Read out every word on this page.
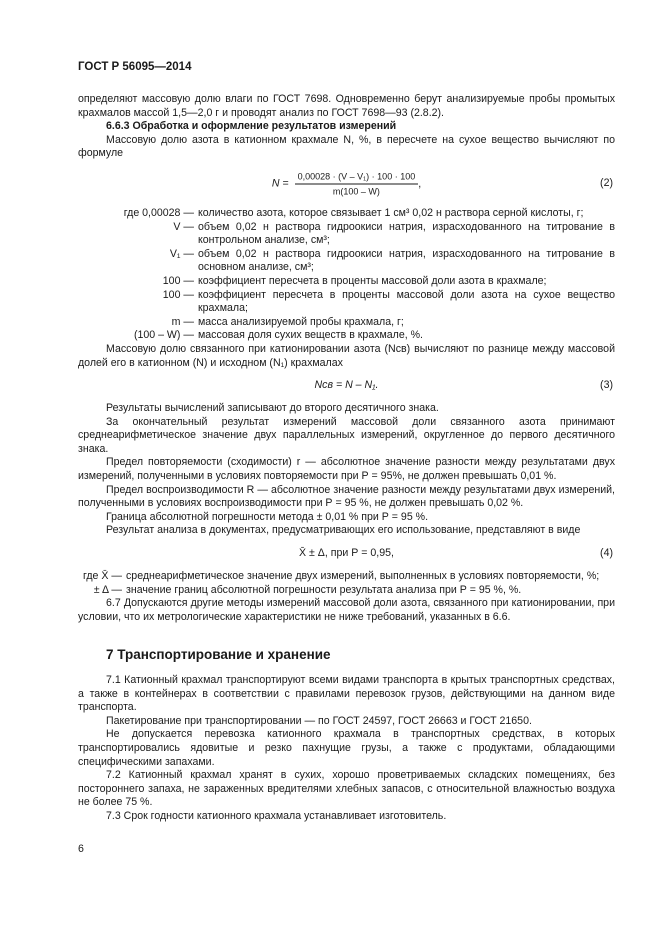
ГОСТ Р 56095—2014

определяют массовую долю влаги по ГОСТ 7698. Одновременно берут анализируемые пробы промытых крахмалов массой 1,5—2,0 г и проводят анализ по ГОСТ 7698—93 (2.8.2).

6.6.3 Обработка и оформление результатов измерений

Массовую долю азота в катионном крахмале N, %, в пересчете на сухое вещество вычисляют по формуле

$N = \frac{\text{0,00028 · (V – V₁) · 100 · 100}}{m(100 - W)}$ ,	(2)
где 0,00028 — количество азота, которое связывает 1 см³ 0,02 н раствора серной кислоты, г;
V — объем 0,02 н раствора гидроокиси натрия, израсходованного на титрование в контрольном анализе, см³;
V₁ — объем 0,02 н раствора гидроокиси натрия, израсходованного на титрование в основном анализе, см³;
100 — коэффициент пересчета в проценты массовой доли азота в крахмале;
100 — коэффициент пересчета в проценты массовой доли азота на сухое вещество крахмала;
m — масса анализируемой пробы крахмала, г;
(100 – W) — массовая доля сухих веществ в крахмале, %.

Массовую долю связанного при катионировании азота (Nсв) вычисляют по разнице между массовой долей его в катионном (N) и исходном (N₁) крахмалах

Nсв = N – N₁.	(3)

Результаты вычислений записывают до второго десятичного знака.

За окончательный результат измерений массовой доли связанного азота принимают среднеарифметическое значение двух параллельных измерений, округленное до первого десятичного знака.

Предел повторяемости (сходимости) r — абсолютное значение разности между результатами двух измерений, полученными в условиях повторяемости при Р = 95%, не должен превышать 0,01 %.

Предел воспроизводимости R — абсолютное значение разности между результатами двух измерений, полученными в условиях воспроизводимости при Р = 95 %, не должен превышать 0,02 %.

Граница абсолютной погрешности метода ± 0,01 % при Р = 95 %.

Результат анализа в документах, предусматривающих его использование, представляют в виде

X̄ ± Δ, при Р = 0,95,	(4)
где X̄ — среднеарифметическое значение двух измерений, выполненных в условиях повторяемости, %;
± Δ — значение границ абсолютной погрешности результата анализа при Р = 95 %, %.

6.7 Допускаются другие методы измерений массовой доли азота, связанного при катионировании, при условии, что их метрологические характеристики не ниже требований, указанных в 6.6.

7 Транспортирование и хранение

7.1 Катионный крахмал транспортируют всеми видами транспорта в крытых транспортных средствах, а также в контейнерах в соответствии с правилами перевозок грузов, действующими на данном виде транспорта.

Пакетирование при транспортировании — по ГОСТ 24597, ГОСТ 26663 и ГОСТ 21650.

Не допускается перевозка катионного крахмала в транспортных средствах, в которых транспортировались ядовитые и резко пахнущие грузы, а также с продуктами, обладающими специфическими запахами.

7.2 Катионный крахмал хранят в сухих, хорошо проветриваемых складских помещениях, без постороннего запаха, не зараженных вредителями хлебных запасов, с относительной влажностью воздуха не более 75 %.

7.3 Срок годности катионного крахмала устанавливает изготовитель.

6
